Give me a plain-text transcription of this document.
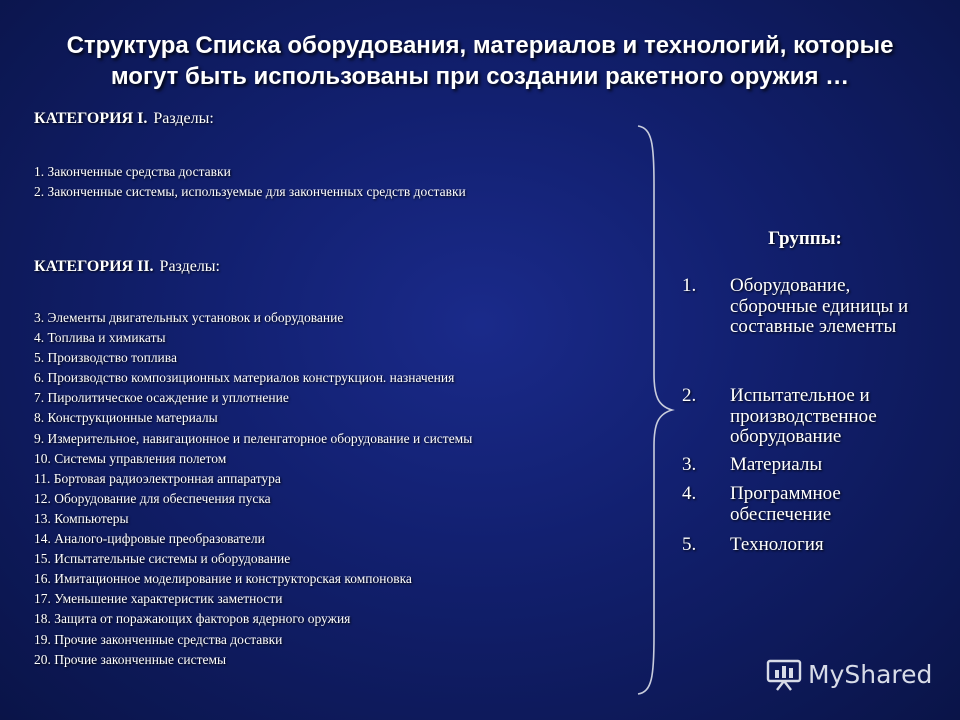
Структура Списка оборудования, материалов и технологий, которые
могут быть использованы при создании ракетного оружия …
КАТЕГОРИЯ I. Разделы:
1. Законченные средства доставки
2. Законченные системы, используемые для законченных средств доставки
КАТЕГОРИЯ II. Разделы:
3. Элементы двигательных установок и оборудование
4. Топлива и химикаты
5. Производство топлива
6. Производство композиционных материалов конструкцион. назначения
7. Пиролитическое осаждение и уплотнение
8. Конструкционные материалы
9. Измерительное, навигационное и пеленгаторное оборудование и системы
10. Системы управления полетом
11. Бортовая радиоэлектронная аппаратура
12. Оборудование для обеспечения пуска
13. Компьютеры
14. Аналого-цифровые преобразователи
15. Испытательные системы и оборудование
16. Имитационное моделирование и конструкторская компоновка
17. Уменьшение характеристик заметности
18. Защита от поражающих факторов ядерного оружия
19. Прочие законченные средства доставки
20. Прочие законченные системы
Группы:
1. Оборудование, сборочные единицы и составные элементы
2. Испытательное и производственное оборудование
3. Материалы
4. Программное обеспечение
5. Технология
MyShared
